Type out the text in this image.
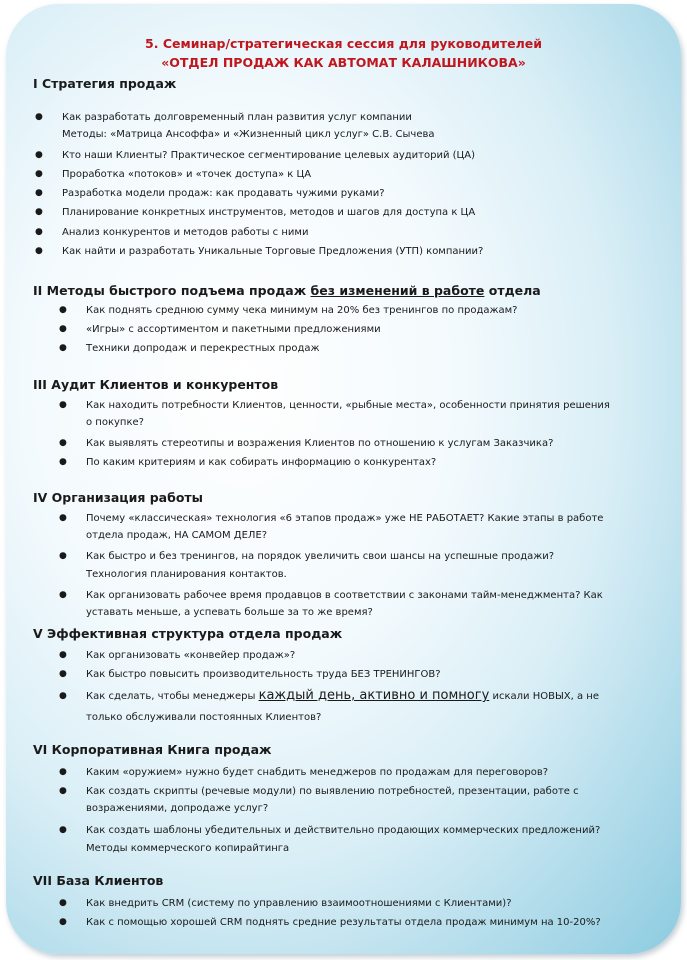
5. Семинар/стратегическая сессия для руководителей
«ОТДЕЛ ПРОДАЖ КАК АВТОМАТ КАЛАШНИКОВА»
I Стратегия продаж
● Как разработать долговременный план развития услуг компании
Методы: «Матрица Ансоффа» и «Жизненный цикл услуг» С.В. Сычева
● Кто наши Клиенты? Практическое сегментирование целевых аудиторий (ЦА)
● Проработка «потоков» и «точек доступа» к ЦА
● Разработка модели продаж: как продавать чужими руками?
● Планирование конкретных инструментов, методов и шагов для доступа к ЦА
● Анализ конкурентов и методов работы с ними
● Как найти и разработать Уникальные Торговые Предложения (УТП) компании?
II Методы быстрого подъема продаж без изменений в работе отдела
● Как поднять среднюю сумму чека минимум на 20% без тренингов по продажам?
● «Игры» с ассортиментом и пакетными предложениями
● Техники допродаж и перекрестных продаж
III Аудит Клиентов и конкурентов
● Как находить потребности Клиентов, ценности, «рыбные места», особенности принятия решения
о покупке?
● Как выявлять стереотипы и возражения Клиентов по отношению к услугам Заказчика?
● По каким критериям и как собирать информацию о конкурентах?
IV Организация работы
● Почему «классическая» технология «6 этапов продаж» уже НЕ РАБОТАЕТ? Какие этапы в работе
отдела продаж, НА САМОМ ДЕЛЕ?
● Как быстро и без тренингов, на порядок увеличить свои шансы на успешные продажи?
Технология планирования контактов.
● Как организовать рабочее время продавцов в соответствии с законами тайм-менеджмента? Как
уставать меньше, а успевать больше за то же время?
V Эффективная структура отдела продаж
● Как организовать «конвейер продаж»?
● Как быстро повысить производительность труда БЕЗ ТРЕНИНГОВ?
● Как сделать, чтобы менеджеры каждый день, активно и помногу искали НОВЫХ, а не
только обслуживали постоянных Клиентов?
VI Корпоративная Книга продаж
● Каким «оружием» нужно будет снабдить менеджеров по продажам для переговоров?
● Как создать скрипты (речевые модули) по выявлению потребностей, презентации, работе с
возражениями, допродаже услуг?
● Как создать шаблоны убедительных и действительно продающих коммерческих предложений?
Методы коммерческого копирайтинга
VII База Клиентов
● Как внедрить CRM (систему по управлению взаимоотношениями с Клиентами)?
● Как с помощью хорошей CRM поднять средние результаты отдела продаж минимум на 10-20%?
